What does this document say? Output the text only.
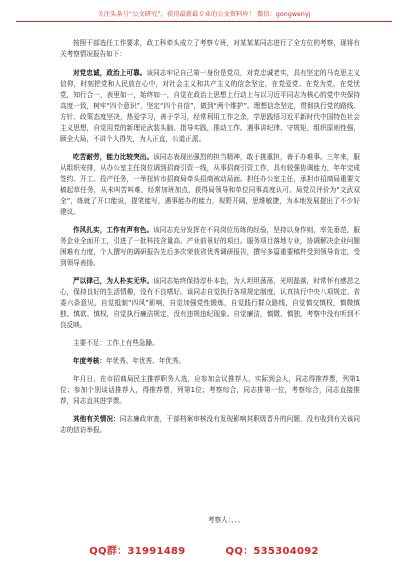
关注头条号“公文研究”，获得最新最专业的公文资料库！ 微信：gongwenyj

按照干部选任工作要求，政工科牵头成立了考察专班，对某某某同志进行了全方位的考察，现将有关考察情况报告如下：

对党忠诚，政治上可靠。该同志牢记自己第一身份是党员，对党忠诚老实，具有坚定的马克思主义信仰，时刻把党和人民放在心中，对社会主义和共产主义的信念坚定，在党爱党、在党为党、在党忧党，知行合一，表里如一，始终如一，自觉在政治上思想上行动上与以习近平同志为核心的党中央保持高度一致，树牢“四个意识”，坚定“四个自信”，做到“两个维护”。理想信念坚定，贯彻执行党的路线、方针、政策态度坚决，热爱学习，善于学习，经常利用工作之余，学思践悟习近平新时代中国特色社会主义思想，自觉用党的新理论武装头脑、指导实践，推动工作。遇事讲纪律、守规矩，组织原则性强，顾全大局，不讲个人得失，为人正直，公道正派。

吃苦耐劳，能力比较突出。该同志表现出强烈的担当精神，敢于挑重担，善于办难事。三年来，服从组织安排，从办公室主任岗位调到招商引资一线，从事招商引资工作，具有较强协调能力，年年完成签约、开工、投产任务，一举扭转市招商局牵头招商被动局面。担任办公室主任，承担市招商局重要文稿起草任务，从未叫苦叫难，经常加班加点，获得局领导和单位同事高度认可。局党员评价为“文武双全”，练就了开口能说，提笔能写，遇事能办的能力，视野开阔，思维敏捷，为本地发展提出了不少好建议。

作风扎实，工作有声有色。该同志充分发挥在不同岗位历练的经验，坚持以身作则，率先垂范，服务企业全面开工，引进了一批科技含量高、产业前景好的项目。服务项目落地专业，协调解决企业问题困难有力度，个人撰写的调研报告先后多次荣获省优秀调研报告，撰写多篇重要稿件受到领导肯定，受到领导表扬。

严以律己，为人朴实无华。该同志始终保持淳朴本色，为人坦坦荡荡，光明磊落，时常怀有感恩之心，保持良好的生活情趣，没有不良嗜好。该同志自觉执行各项规定制度，认真执行中央八项规定、省委六条意见，自觉抵制“四风”影响，自觉加强党性锻炼，自觉践行群众路线，自觉慎交慎权，慎微慎独、慎欲、慎权，自觉执行廉洁规定，没有违规违纪现象。自觉廉洁，慎微、慎独，考察中没有听到不良反映。

主要不足：工作上有些急躁。

年度考核：年优秀、年优秀、年优秀。

年月日，在市招商局民主推荐职务人选，应参加会议推荐人，实际到会人，同志得推荐票，列第1位；参加个别谈话推荐人，得推荐票，列第1位；考察综合，同志排第一位，考察综合，同志直接推荐，同志直其进学票。

其他有关情况：同志廉政审查，干部档案审核没有发现影响其职级晋升的问题，没有收到有关该同志的信访举报。

考察人：、、、
QQ群：31991489	QQ：535304092
